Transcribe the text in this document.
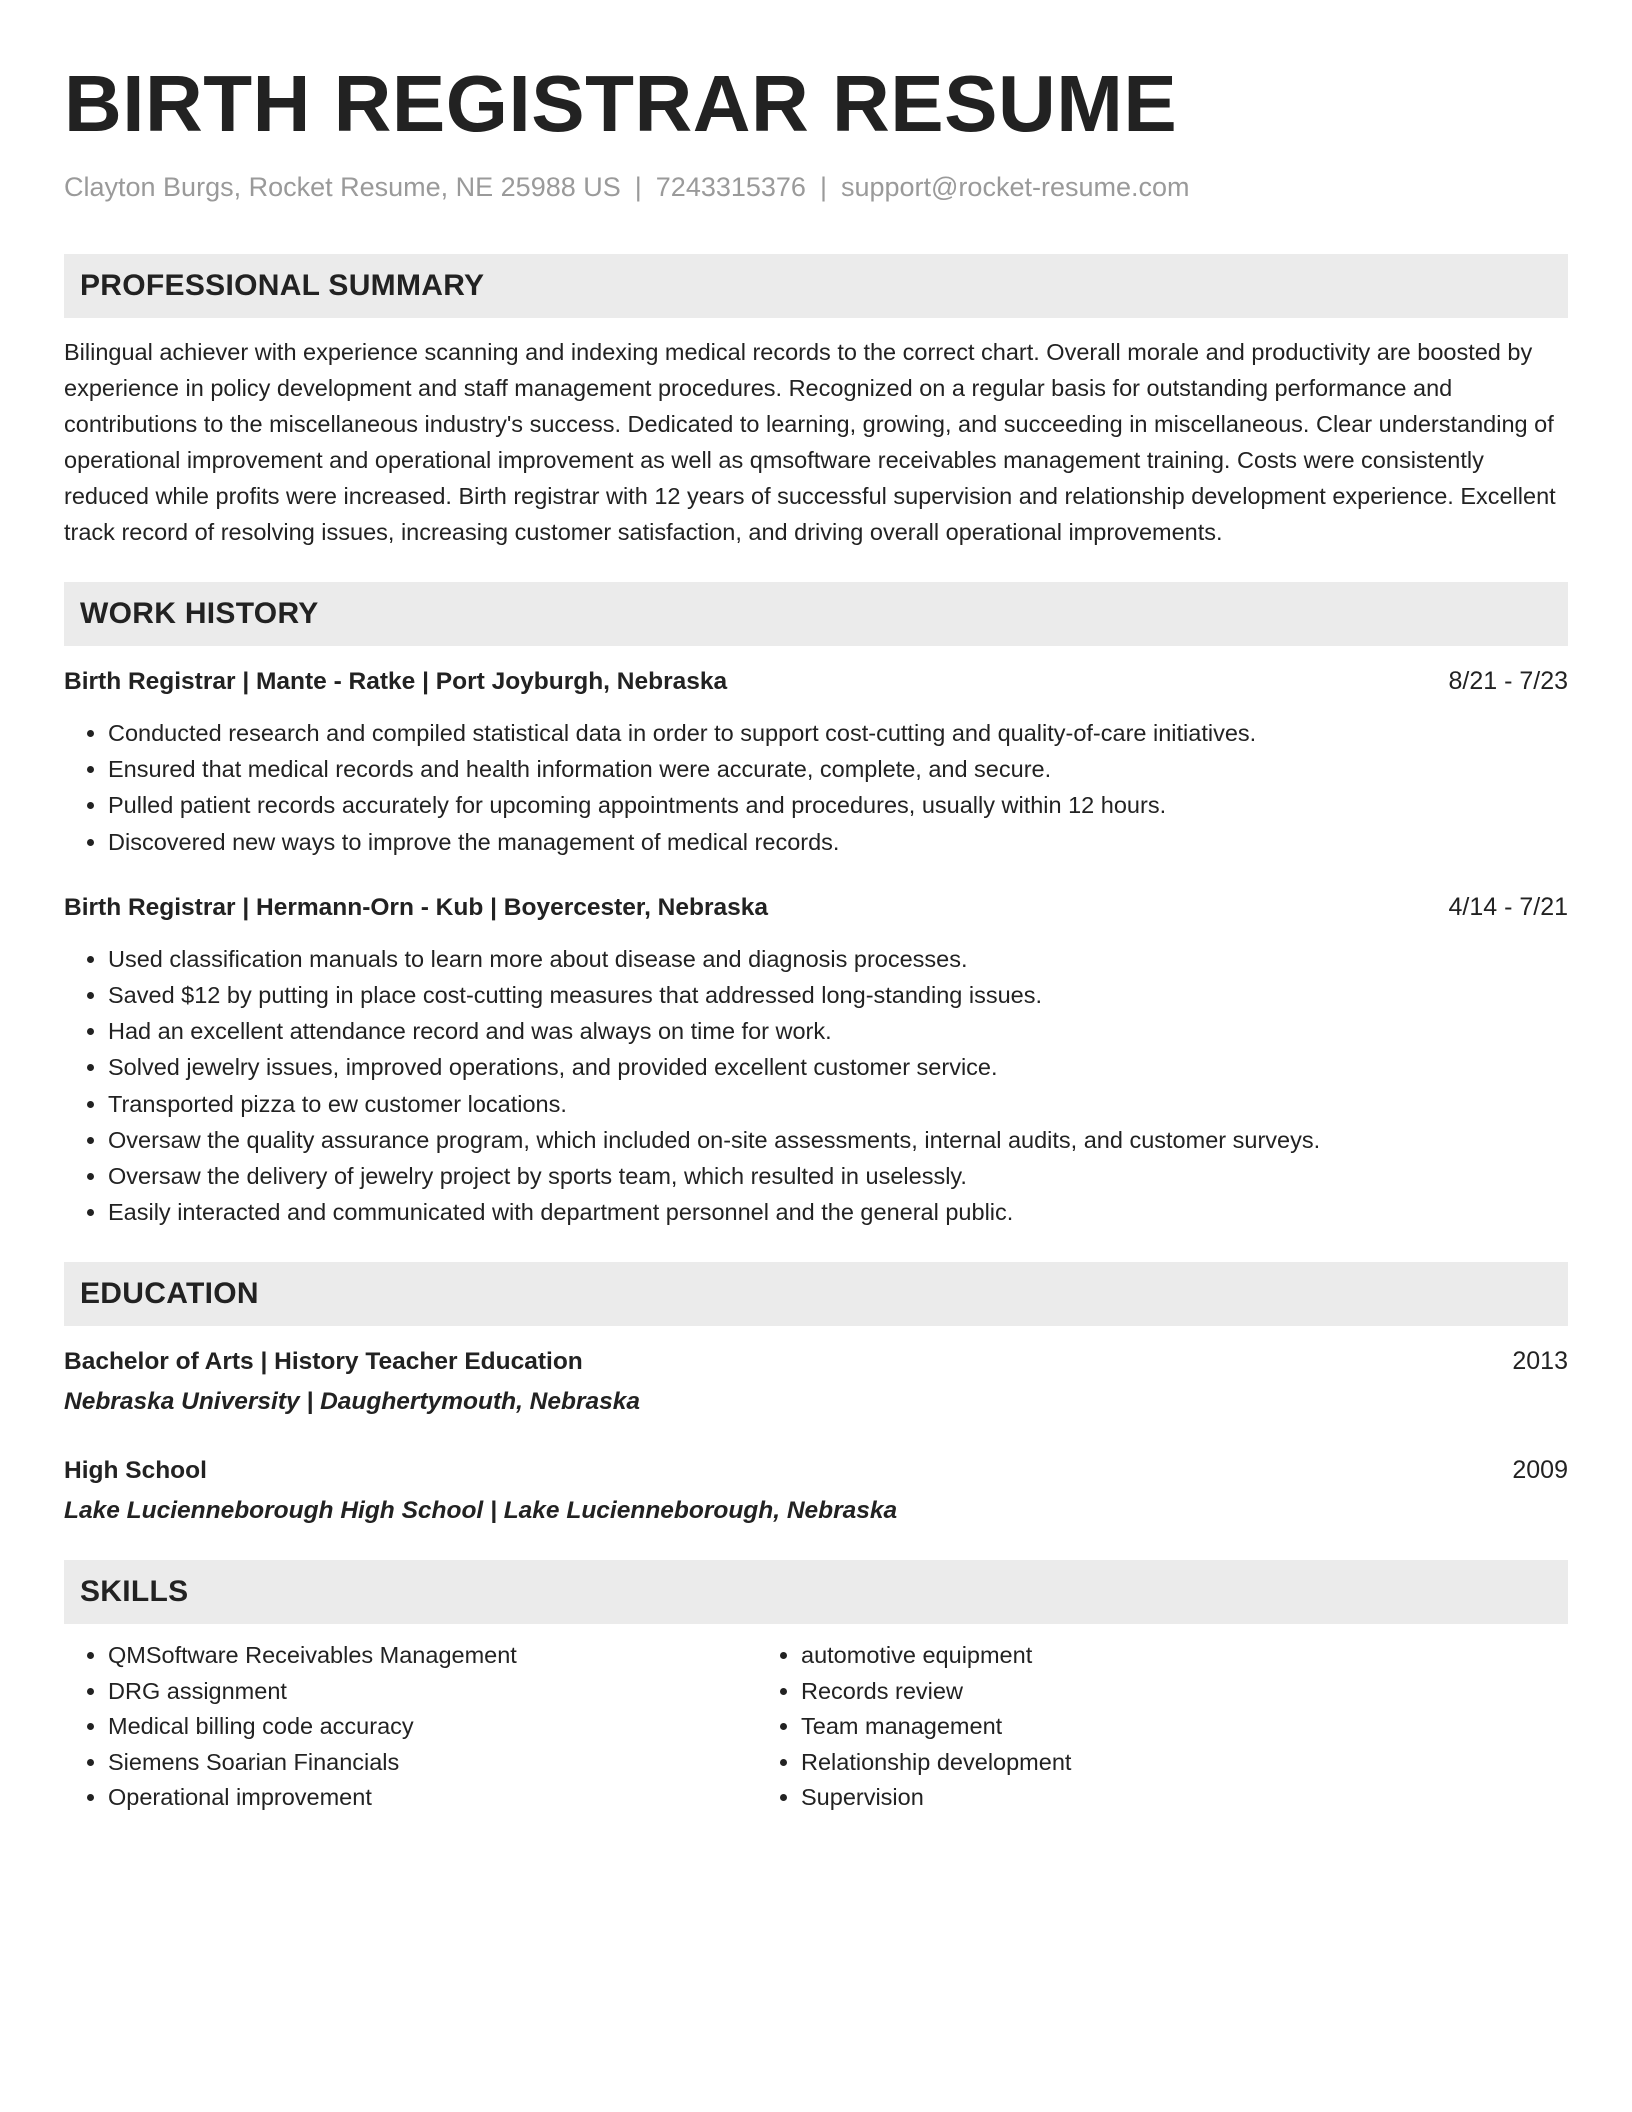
BIRTH REGISTRAR RESUME
Clayton Burgs, Rocket Resume, NE 25988 US | 7243315376 | support@rocket-resume.com
PROFESSIONAL SUMMARY
Bilingual achiever with experience scanning and indexing medical records to the correct chart. Overall morale and productivity are boosted by experience in policy development and staff management procedures. Recognized on a regular basis for outstanding performance and contributions to the miscellaneous industry's success. Dedicated to learning, growing, and succeeding in miscellaneous. Clear understanding of operational improvement and operational improvement as well as qmsoftware receivables management training. Costs were consistently reduced while profits were increased. Birth registrar with 12 years of successful supervision and relationship development experience. Excellent track record of resolving issues, increasing customer satisfaction, and driving overall operational improvements.
WORK HISTORY
Birth Registrar | Mante - Ratke | Port Joyburgh, Nebraska	8/21 - 7/23
• Conducted research and compiled statistical data in order to support cost-cutting and quality-of-care initiatives.
• Ensured that medical records and health information were accurate, complete, and secure.
• Pulled patient records accurately for upcoming appointments and procedures, usually within 12 hours.
• Discovered new ways to improve the management of medical records.
Birth Registrar | Hermann-Orn - Kub | Boyercester, Nebraska	4/14 - 7/21
• Used classification manuals to learn more about disease and diagnosis processes.
• Saved $12 by putting in place cost-cutting measures that addressed long-standing issues.
• Had an excellent attendance record and was always on time for work.
• Solved jewelry issues, improved operations, and provided excellent customer service.
• Transported pizza to ew customer locations.
• Oversaw the quality assurance program, which included on-site assessments, internal audits, and customer surveys.
• Oversaw the delivery of jewelry project by sports team, which resulted in uselessly.
• Easily interacted and communicated with department personnel and the general public.
EDUCATION
Bachelor of Arts | History Teacher Education	2013
Nebraska University | Daughertymouth, Nebraska
High School	2009
Lake Lucienneborough High School | Lake Lucienneborough, Nebraska
SKILLS
• QMSoftware Receivables Management
• DRG assignment
• Medical billing code accuracy
• Siemens Soarian Financials
• Operational improvement
• automotive equipment
• Records review
• Team management
• Relationship development
• Supervision
